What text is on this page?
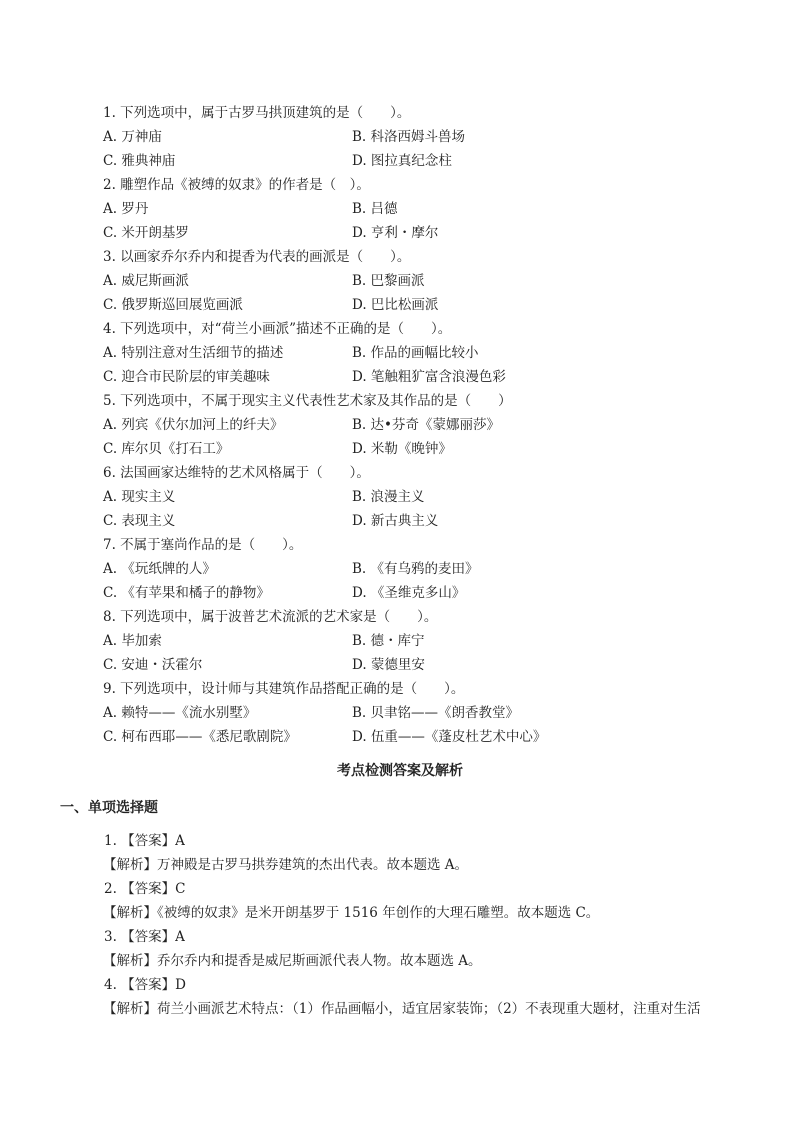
1. 下列选项中，属于古罗马拱顶建筑的是（　　）。
A. 万神庙	B. 科洛西姆斗兽场
C. 雅典神庙	D. 图拉真纪念柱
2. 雕塑作品《被缚的奴隶》的作者是（　）。
A. 罗丹	B. 吕德
C. 米开朗基罗	D. 亨利・摩尔
3. 以画家乔尔乔内和提香为代表的画派是（　　）。
A. 威尼斯画派	B. 巴黎画派
C. 俄罗斯巡回展览画派	D. 巴比松画派
4. 下列选项中，对“荷兰小画派”描述不正确的是（　　）。
A. 特别注意对生活细节的描述	B. 作品的画幅比较小
C. 迎合市民阶层的审美趣味	D. 笔触粗犷富含浪漫色彩
5. 下列选项中，不属于现实主义代表性艺术家及其作品的是（　　）
A. 列宾《伏尔加河上的纤夫》	B. 达•芬奇《蒙娜丽莎》
C. 库尔贝《打石工》	D. 米勒《晚钟》
6. 法国画家达维特的艺术风格属于（　　）。
A. 现实主义	B. 浪漫主义
C. 表现主义	D. 新古典主义
7. 不属于塞尚作品的是（　　）。
A. 《玩纸牌的人》	B. 《有乌鸦的麦田》
C. 《有苹果和橘子的静物》	D. 《圣维克多山》
8. 下列选项中，属于波普艺术流派的艺术家是（　　）。
A. 毕加索	B. 德・库宁
C. 安迪・沃霍尔	D. 蒙德里安
9. 下列选项中，设计师与其建筑作品搭配正确的是（　　）。
A. 赖特——《流水别墅》	B. 贝聿铭——《朗香教堂》
C. 柯布西耶——《悉尼歌剧院》	D. 伍重——《蓬皮杜艺术中心》
考点检测答案及解析
一、单项选择题
1. 【答案】A
【解析】万神殿是古罗马拱券建筑的杰出代表。故本题选 A。
2. 【答案】C
【解析】《被缚的奴隶》是米开朗基罗于 1516 年创作的大理石雕塑。故本题选 C。
3. 【答案】A
【解析】乔尔乔内和提香是威尼斯画派代表人物。故本题选 A。
4. 【答案】D
【解析】荷兰小画派艺术特点：（1）作品画幅小，适宜居家装饰；（2）不表现重大题材，注重对生活
